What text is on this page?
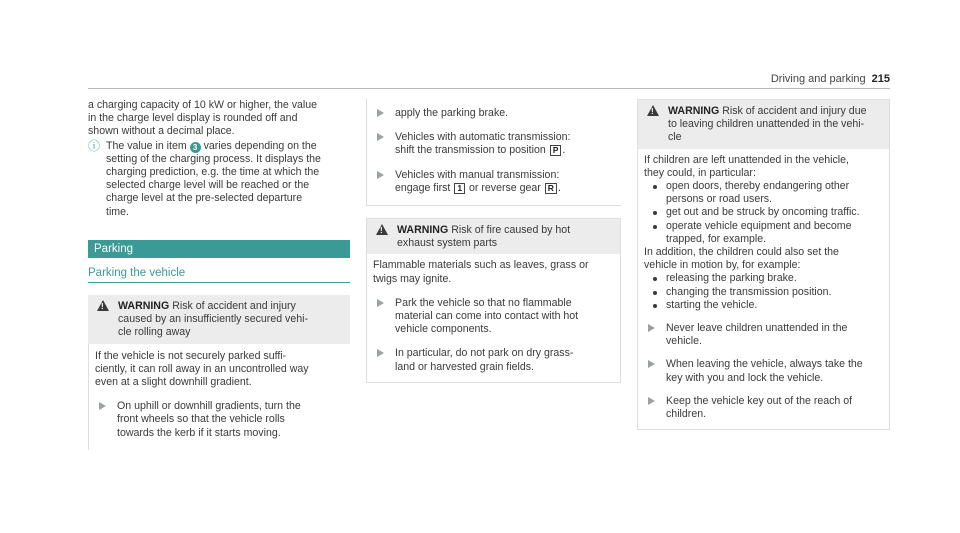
Driving and parking 215

a charging capacity of 10 kW or higher, the value

in the charge level display is rounded off and

shown without a decimal place.

ⓘ The value in item 3 varies depending on the

setting of the charging process. It displays the

charging prediction, e.g. the time at which the

selected charge level will be reached or the

charge level at the pre-selected departure

time.

Parking
Parking the vehicle
!

WARNING Risk of accident and injury

caused by an insufficiently secured vehi-

cle rolling away

If the vehicle is not securely parked suffi-

ciently, it can roll away in an uncontrolled way

even at a slight downhill gradient.

On uphill or downhill gradients, turn the

front wheels so that the vehicle rolls

towards the kerb if it starts moving.

apply the parking brake.

Vehicles with automatic transmission:

shift the transmission to position P .

Vehicles with manual transmission:

engage first 1 or reverse gear R .

!

WARNING Risk of fire caused by hot

exhaust system parts

Flammable materials such as leaves, grass or

twigs may ignite.

Park the vehicle so that no flammable

material can come into contact with hot

vehicle components.

In particular, do not park on dry grass-

land or harvested grain fields.

!

WARNING Risk of accident and injury due

to leaving children unattended in the vehi-

cle

If children are left unattended in the vehicle,

they could, in particular:

open doors, thereby endangering other

persons or road users.

get out and be struck by oncoming traffic.

operate vehicle equipment and become

trapped, for example.

In addition, the children could also set the

vehicle in motion by, for example:

releasing the parking brake.

changing the transmission position.

starting the vehicle.

Never leave children unattended in the

vehicle.

When leaving the vehicle, always take the

key with you and lock the vehicle.

Keep the vehicle key out of the reach of

children.
